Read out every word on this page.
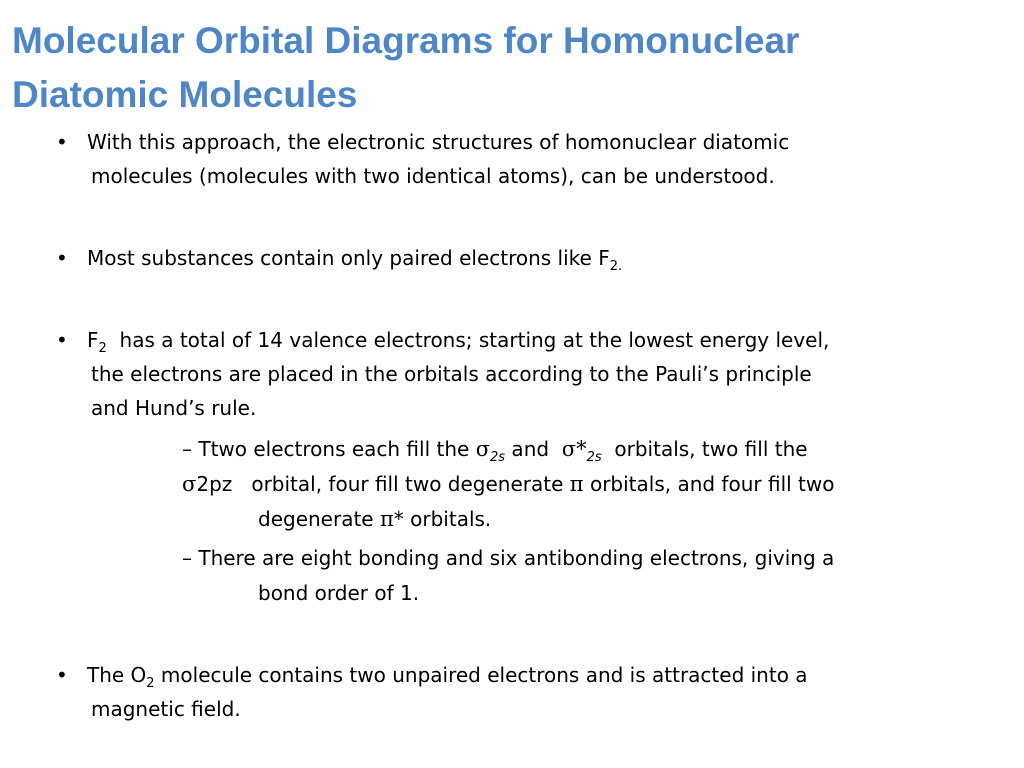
Molecular Orbital Diagrams for Homonuclear
Diatomic Molecules
• With this approach, the electronic structures of homonuclear diatomic

molecules (molecules with two identical atoms), can be understood.

• Most substances contain only paired electrons like $F_{2.}$

• $F_2$  has a total of 14 valence electrons; starting at the lowest energy level,

the electrons are placed in the orbitals according to the Pauli’s principle

and Hund’s rule.

– Ttwo electrons each fill the $\sigma_{2s}$ and  $\sigma*_{2s}$  orbitals, two fill the

σ2pz   orbital, four fill two degenerate π orbitals, and four fill two

degenerate π* orbitals.

– There are eight bonding and six antibonding electrons, giving a

bond order of 1.

• The $O_2$ molecule contains two unpaired electrons and is attracted into a

magnetic field.
